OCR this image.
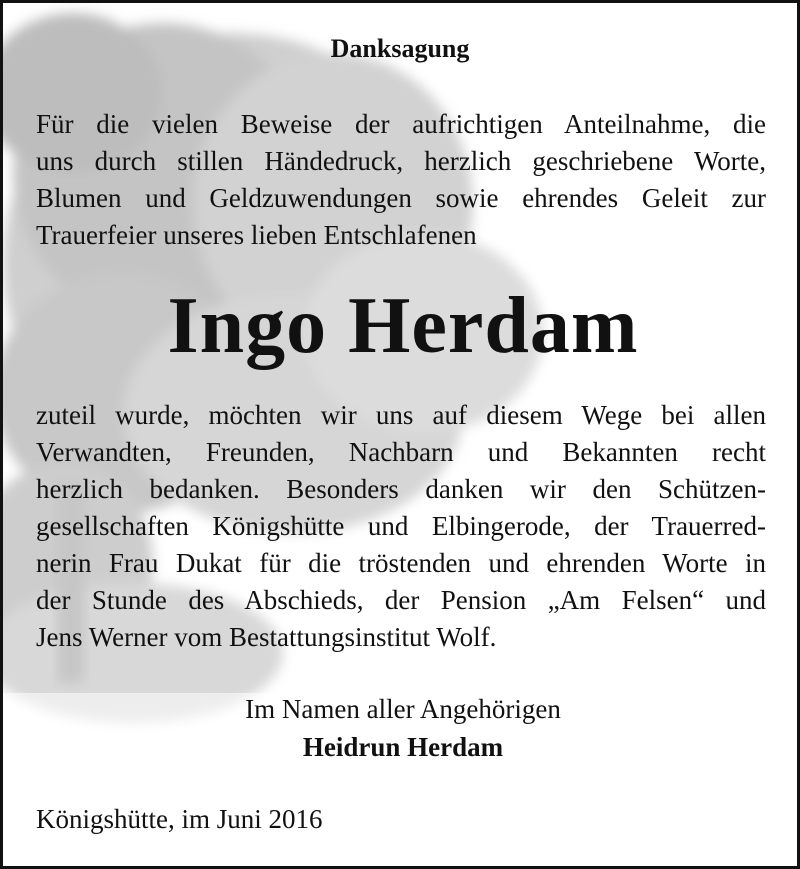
Danksagung
Für die vielen Beweise der aufrichtigen Anteilnahme, die
uns durch stillen Händedruck, herzlich geschriebene Worte,
Blumen und Geldzuwendungen sowie ehrendes Geleit zur
Trauerfeier unseres lieben Entschlafenen
Ingo Herdam
zuteil wurde, möchten wir uns auf diesem Wege bei allen
Verwandten, Freunden, Nachbarn und Bekannten recht
herzlich bedanken. Besonders danken wir den Schützen-
gesellschaften Königshütte und Elbingerode, der Trauerred-
nerin Frau Dukat für die tröstenden und ehrenden Worte in
der Stunde des Abschieds, der Pension „Am Felsen“ und
Jens Werner vom Bestattungsinstitut Wolf.
Im Namen aller Angehörigen
Heidrun Herdam
Königshütte, im Juni 2016
